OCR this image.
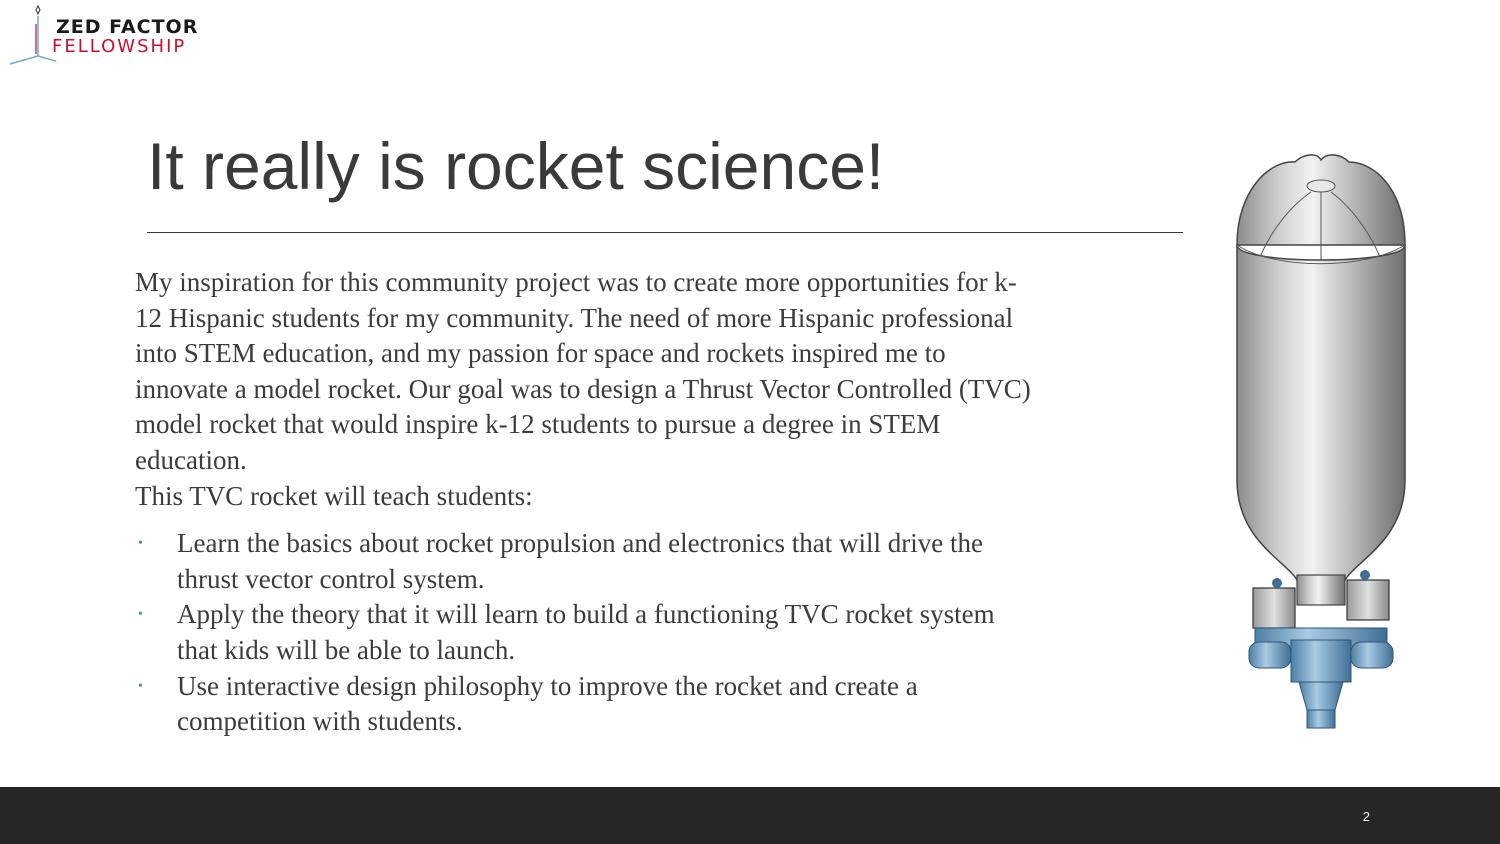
ZED FACTOR
FELLOWSHIP
It really is rocket science!

My inspiration for this community project was to create more opportunities for k-12 Hispanic students for my community. The need of more Hispanic professional into STEM education, and my passion for space and rockets inspired me to innovate a model rocket. Our goal was to design a Thrust Vector Controlled (TVC) model rocket that would inspire k-12 students to pursue a degree in STEM education.

This TVC rocket will teach students:

• Learn the basics about rocket propulsion and electronics that will drive the thrust vector control system.
• Apply the theory that it will learn to build a functioning TVC rocket system that kids will be able to launch.
• Use interactive design philosophy to improve the rocket and create a competition with students.
2
